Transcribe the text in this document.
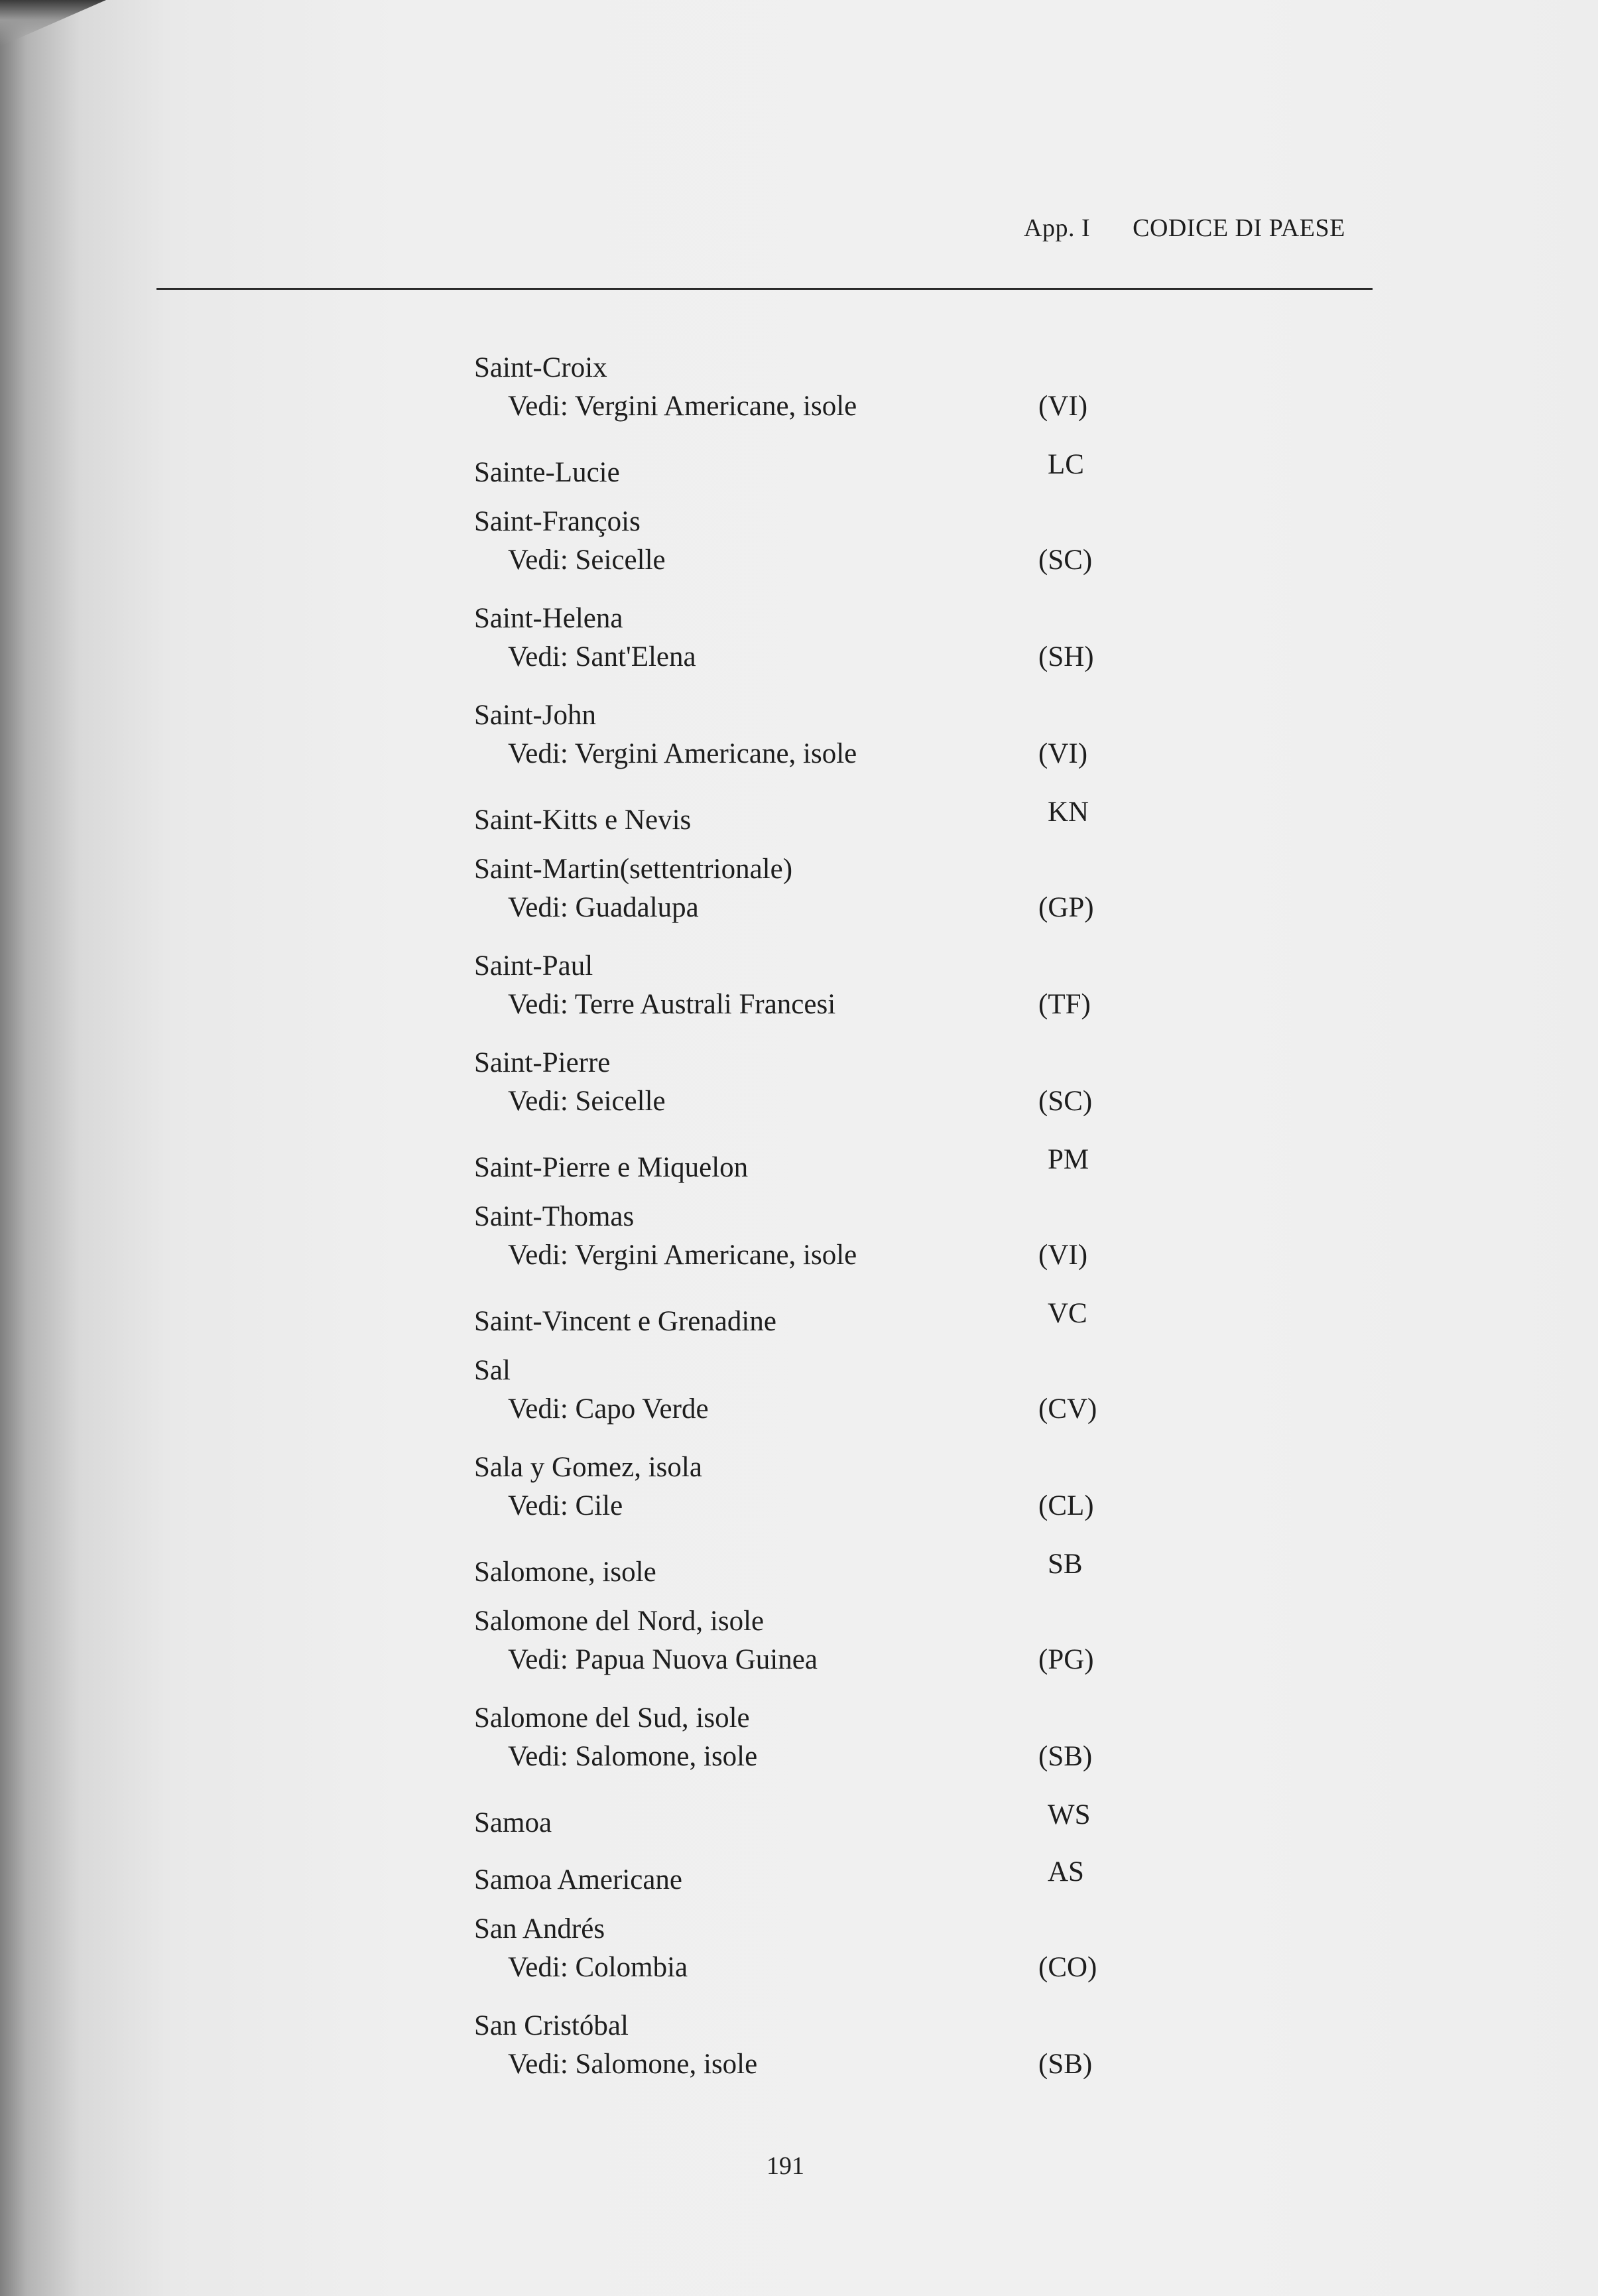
App. I CODICE DI PAESE
Saint-Croix
Vedi: Vergini Americane, isole	(VI)
Sainte-Lucie	LC
Saint-François
Vedi: Seicelle	(SC)
Saint-Helena
Vedi: Sant'Elena	(SH)
Saint-John
Vedi: Vergini Americane, isole	(VI)
Saint-Kitts e Nevis	KN
Saint-Martin(settentrionale)
Vedi: Guadalupa	(GP)
Saint-Paul
Vedi: Terre Australi Francesi	(TF)
Saint-Pierre
Vedi: Seicelle	(SC)
Saint-Pierre e Miquelon	PM
Saint-Thomas
Vedi: Vergini Americane, isole	(VI)
Saint-Vincent e Grenadine	VC
Sal
Vedi: Capo Verde	(CV)
Sala y Gomez, isola
Vedi: Cile	(CL)
Salomone, isole	SB
Salomone del Nord, isole
Vedi: Papua Nuova Guinea	(PG)
Salomone del Sud, isole
Vedi: Salomone, isole	(SB)
Samoa	WS
Samoa Americane	AS
San Andrés
Vedi: Colombia	(CO)
San Cristóbal
Vedi: Salomone, isole	(SB)
191
